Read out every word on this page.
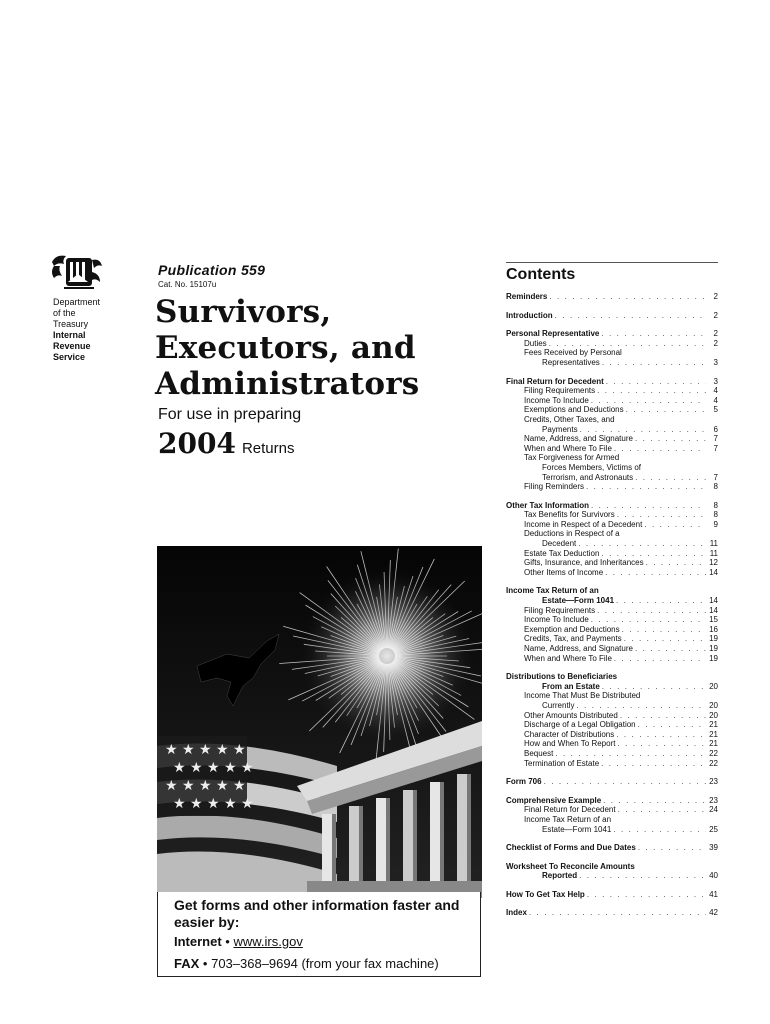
Department
of the
Treasury
Internal
Revenue
Service
Publication 559
Cat. No. 15107u
Survivors,
Executors, and
Administrators
For use in preparing
2004 Returns
★ ★ ★ ★ ★
★ ★ ★ ★ ★
★ ★ ★ ★ ★
★ ★ ★ ★ ★
Get forms and other information faster and easier by:
Internet • www.irs.gov
FAX • 703–368–9694 (from your fax machine)
Contents
Reminders . . .	2
Introduction . . .	2
Personal Representative . . .	2
Duties . . .	2
Fees Received by Personal
Representatives . . .	3
Final Return for Decedent . . .	3
Filing Requirements . . .	4
Income To Include . . .	4
Exemptions and Deductions . . .	5
Credits, Other Taxes, and
Payments . . .	6
Name, Address, and Signature . . .	7
When and Where To File . . .	7
Tax Forgiveness for Armed
Forces Members, Victims of
Terrorism, and Astronauts . . .	7
Filing Reminders . . .	8
Other Tax Information . . .	8
Tax Benefits for Survivors . . .	8
Income in Respect of a Decedent . . .	9
Deductions in Respect of a
Decedent . . .	11
Estate Tax Deduction . . .	11
Gifts, Insurance, and Inheritances . . .	12
Other Items of Income . . .	14
Income Tax Return of an
Estate—Form 1041 . . .	14
Filing Requirements . . .	14
Income To Include . . .	15
Exemption and Deductions . . .	16
Credits, Tax, and Payments . . .	19
Name, Address, and Signature . . .	19
When and Where To File . . .	19
Distributions to Beneficiaries
From an Estate . . .	20
Income That Must Be Distributed
Currently . . .	20
Other Amounts Distributed . . .	20
Discharge of a Legal Obligation . . .	21
Character of Distributions . . .	21
How and When To Report . . .	21
Bequest . . .	22
Termination of Estate . . .	22
Form 706 . . .	23
Comprehensive Example . . .	23
Final Return for Decedent . . .	24
Income Tax Return of an
Estate—Form 1041 . . .	25
Checklist of Forms and Due Dates . . .	39
Worksheet To Reconcile Amounts
Reported . . .	40
How To Get Tax Help . . .	41
Index . . .	42
